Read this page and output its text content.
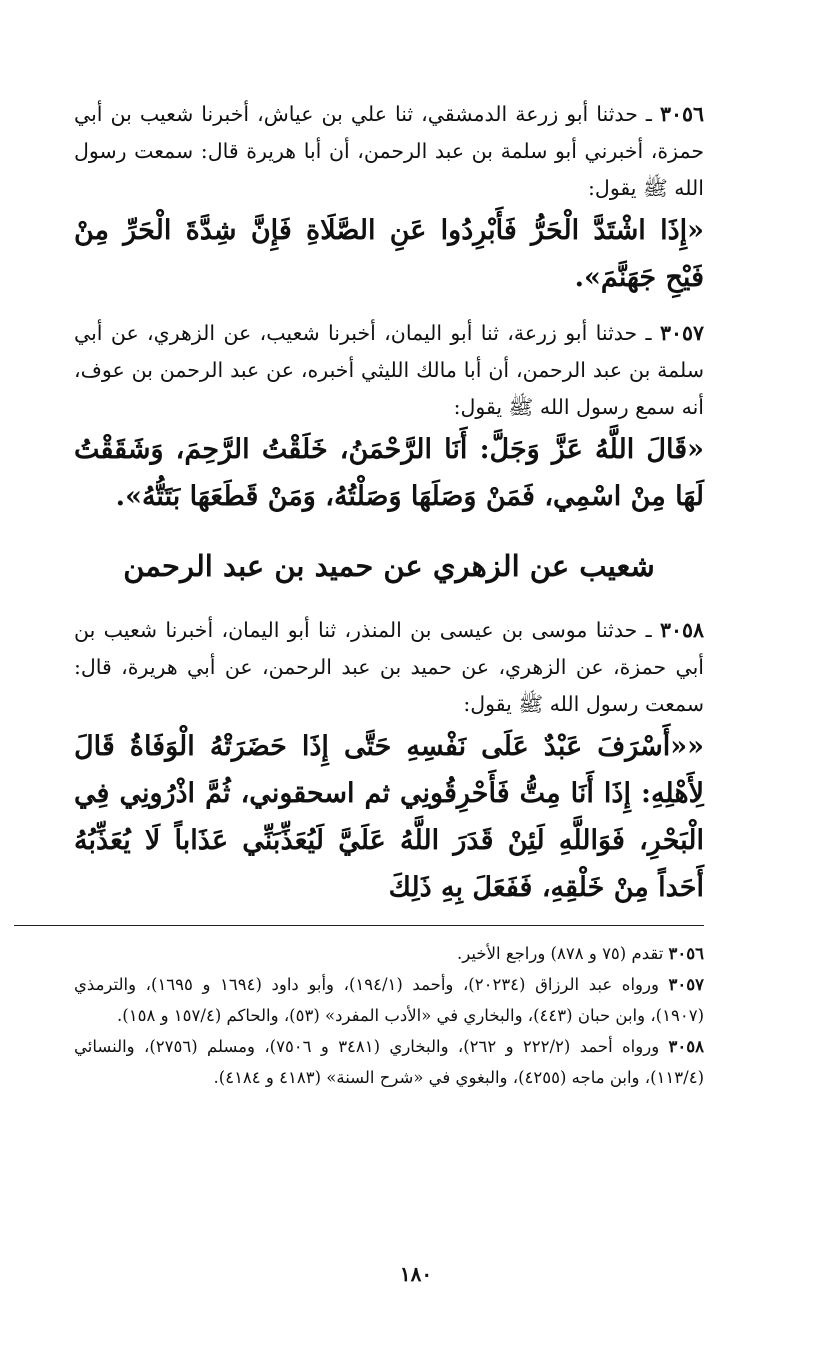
٣٠٥٦ ـ حدثنا أبو زرعة الدمشقي، ثنا علي بن عياش، أخبرنا شعيب بن أبي حمزة، أخبرني أبو سلمة بن عبد الرحمن، أن أبا هريرة قال: سمعت رسول الله ﷺ يقول:

«إِذَا اشْتَدَّ الْحَرُّ فَأَبْرِدُوا عَنِ الصَّلَاةِ فَإِنَّ شِدَّةَ الْحَرِّ مِنْ فَيْحِ جَهَنَّمَ».

٣٠٥٧ ـ حدثنا أبو زرعة، ثنا أبو اليمان، أخبرنا شعيب، عن الزهري، عن أبي سلمة بن عبد الرحمن، أن أبا مالك الليثي أخبره، عن عبد الرحمن بن عوف، أنه سمع رسول الله ﷺ يقول:

«قَالَ اللَّهُ عَزَّ وَجَلَّ: أَنَا الرَّحْمَنُ، خَلَقْتُ الرَّحِمَ، وَشَقَقْتُ لَهَا مِنْ اسْمِي، فَمَنْ وَصَلَهَا وَصَلْتُهُ، وَمَنْ قَطَعَهَا بَتَتُّهُ».

شعيب عن الزهري عن حميد بن عبد الرحمن

٣٠٥٨ ـ حدثنا موسى بن عيسى بن المنذر، ثنا أبو اليمان، أخبرنا شعيب بن أبي حمزة، عن الزهري، عن حميد بن عبد الرحمن، عن أبي هريرة، قال: سمعت رسول الله ﷺ يقول:

««أَسْرَفَ عَبْدٌ عَلَى نَفْسِهِ حَتَّى إِذَا حَضَرَتْهُ الْوَفَاةُ قَالَ لِأَهْلِهِ: إِذَا أَنَا مِتُّ فَأَحْرِقُونِي ثم اسحقوني، ثُمَّ اذْرُونِي فِي الْبَحْرِ، فَوَاللَّهِ لَئِنْ قَدَرَ اللَّهُ عَلَيَّ لَيُعَذِّبَنِّي عَذَاباً لَا يُعَذِّبُهُ أَحَداً مِنْ خَلْقِهِ، فَفَعَلَ بِهِ ذَلِكَ

٣٠٥٦ تقدم (٧٥ و ٨٧٨) وراجع الأخير.

٣٠٥٧ ورواه عبد الرزاق (٢٠٢٣٤)، وأحمد (١٩٤/١)، وأبو داود (١٦٩٤ و ١٦٩٥)، والترمذي (١٩٠٧)، وابن حبان (٤٤٣)، والبخاري في «الأدب المفرد» (٥٣)، والحاكم (١٥٧/٤ و ١٥٨).

٣٠٥٨ ورواه أحمد (٢٢٢/٢ و ٢٦٢)، والبخاري (٣٤٨١ و ٧٥٠٦)، ومسلم (٢٧٥٦)، والنسائي (١١٣/٤)، وابن ماجه (٤٢٥٥)، والبغوي في «شرح السنة» (٤١٨٣ و ٤١٨٤).

١٨٠
